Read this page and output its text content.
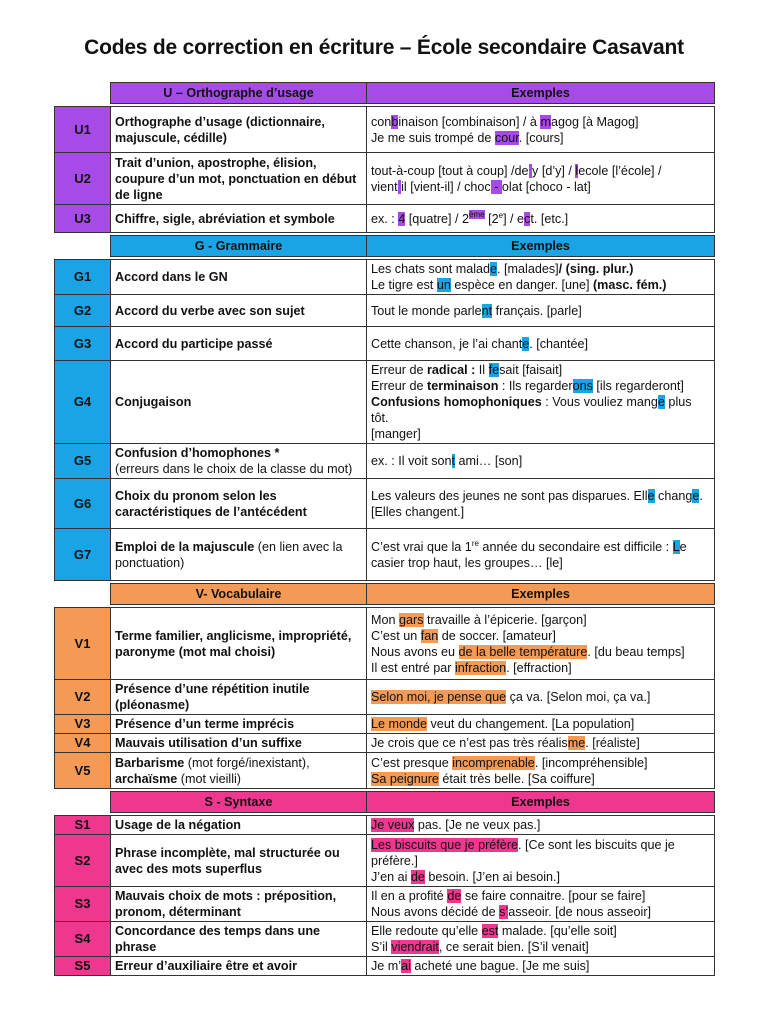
Codes de correction en écriture – École secondaire Casavant
	U – Orthographe d’usage	Exemples

U1	Orthographe d’usage (dictionnaire, majuscule, cédille)	conbinaison [combinaison] / à magog [à Magog]
Je me suis trompé de cour. [cours]

U2	Trait d’union, apostrophe, élision, coupure d’un mot, ponctuation en début de ligne	tout-à-coup [tout à coup] /de y [d’y] / lecole [l’école] /
vient il [vient-il] / choc - olat [choco - lat]

U3	Chiffre, sigle, abréviation et symbole	ex. : 4 [quatre] / 2ème [2e] / ect. [etc.]

	G - Grammaire	Exemples

G1	Accord dans le GN	Les chats sont malade. [malades]/ (sing. plur.)
Le tigre est un espèce en danger. [une] (masc. fém.)

G2	Accord du verbe avec son sujet	Tout le monde parlent français. [parle]

G3	Accord du participe passé	Cette chanson, je l’ai chante. [chantée]

G4	Conjugaison	Erreur de radical : Il fesait [faisait]
Erreur de terminaison : Ils regarderons [ils regarderont]
Confusions homophoniques : Vous vouliez mange plus tôt.
[manger]

G5	Confusion d’homophones *
(erreurs dans le choix de la classe du mot)	ex. : Il voit sont ami… [son]

G6	Choix du pronom selon les caractéristiques de l’antécédent	Les valeurs des jeunes ne sont pas disparues. Elle change.
[Elles changent.]

G7	Emploi de la majuscule (en lien avec la ponctuation)	C’est vrai que la 1re année du secondaire est difficile : Le
casier trop haut, les groupes… [le]

	V- Vocabulaire	Exemples

V1	Terme familier, anglicisme, impropriété, paronyme (mot mal choisi)	Mon gars travaille à l’épicerie. [garçon]
C’est un fan de soccer. [amateur]
Nous avons eu de la belle température. [du beau temps]
Il est entré par infraction. [effraction]

V2	Présence d’une répétition inutile (pléonasme)	Selon moi, je pense que ça va. [Selon moi, ça va.]

V3	Présence d’un terme imprécis	Le monde veut du changement. [La population]

V4	Mauvais utilisation d’un suffixe	Je crois que ce n’est pas très réalisme. [réaliste]

V5	Barbarisme (mot forgé/inexistant),
archaïsme (mot vieilli)	C’est presque incomprenable. [incompréhensible]
Sa peignure était très belle. [Sa coiffure]

	S - Syntaxe	Exemples

S1	Usage de la négation	Je veux pas. [Je ne veux pas.]

S2	Phrase incomplète, mal structurée ou avec des mots superflus	Les biscuits que je préfère. [Ce sont les biscuits que je
préfère.]
J’en ai de besoin. [J’en ai besoin.]

S3	Mauvais choix de mots : préposition, pronom, déterminant	Il en a profité de se faire connaitre. [pour se faire]
Nous avons décidé de s’asseoir. [de nous asseoir]

S4	Concordance des temps dans une phrase	Elle redoute qu’elle est malade. [qu’elle soit]
S’il viendrait, ce serait bien. [S’il venait]

S5	Erreur d’auxiliaire être et avoir	Je m’ai acheté une bague. [Je me suis]
